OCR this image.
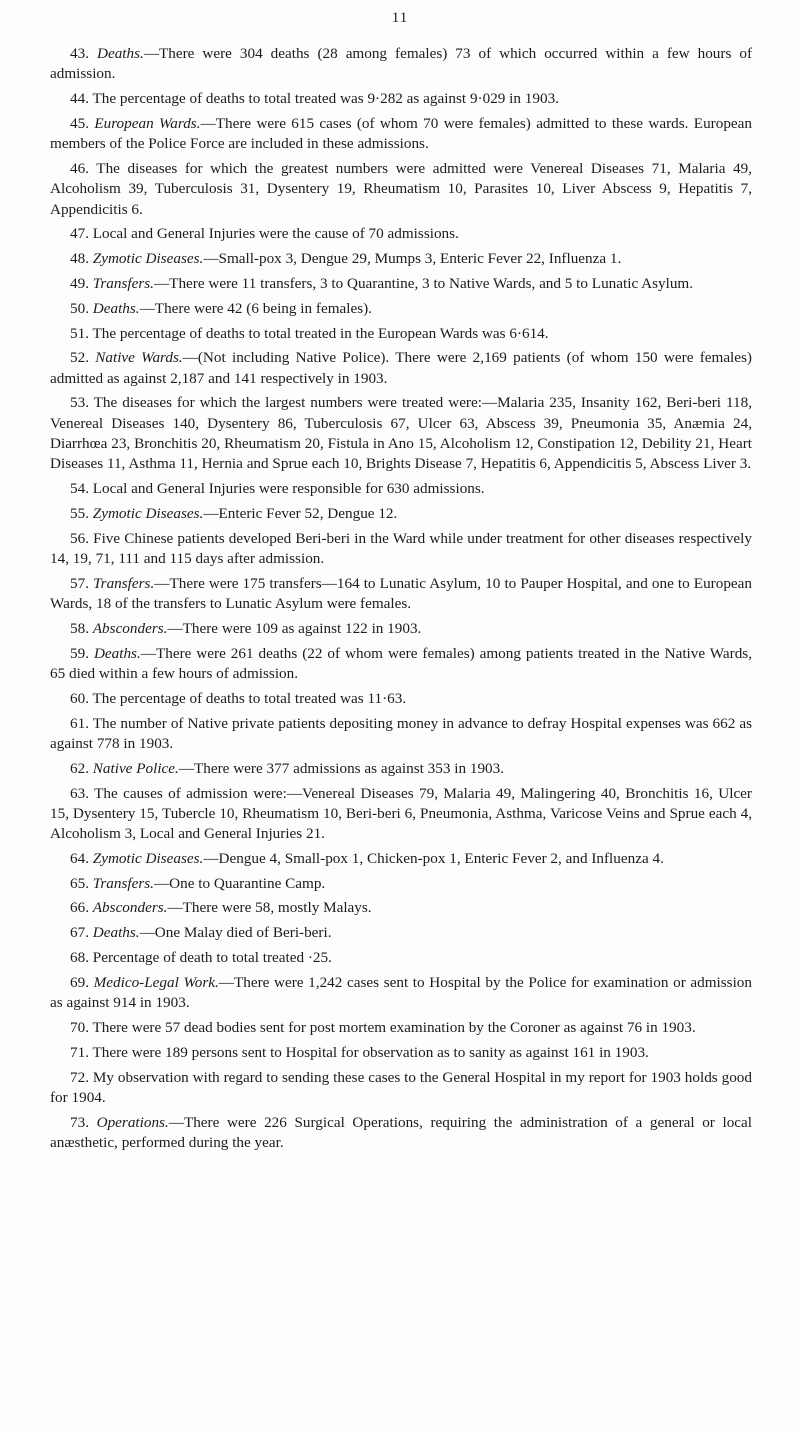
11

43. Deaths.—There were 304 deaths (28 among females) 73 of which occurred within a few hours of admission.

44. The percentage of deaths to total treated was 9·282 as against 9·029 in 1903.

45. European Wards.—There were 615 cases (of whom 70 were females) admitted to these wards. European members of the Police Force are included in these admissions.

46. The diseases for which the greatest numbers were admitted were Venereal Diseases 71, Malaria 49, Alcoholism 39, Tuberculosis 31, Dysentery 19, Rheumatism 10, Parasites 10, Liver Abscess 9, Hepatitis 7, Appendicitis 6.

47. Local and General Injuries were the cause of 70 admissions.

48. Zymotic Diseases.—Small-pox 3, Dengue 29, Mumps 3, Enteric Fever 22, Influenza 1.

49. Transfers.—There were 11 transfers, 3 to Quarantine, 3 to Native Wards, and 5 to Lunatic Asylum.

50. Deaths.—There were 42 (6 being in females).

51. The percentage of deaths to total treated in the European Wards was 6·614.

52. Native Wards.—(Not including Native Police). There were 2,169 patients (of whom 150 were females) admitted as against 2,187 and 141 respectively in 1903.

53. The diseases for which the largest numbers were treated were:—Malaria 235, Insanity 162, Beri-beri 118, Venereal Diseases 140, Dysentery 86, Tuberculosis 67, Ulcer 63, Abscess 39, Pneumonia 35, Anæmia 24, Diarrhœa 23, Bronchitis 20, Rheumatism 20, Fistula in Ano 15, Alcoholism 12, Constipation 12, Debility 21, Heart Diseases 11, Asthma 11, Hernia and Sprue each 10, Brights Disease 7, Hepatitis 6, Appendicitis 5, Abscess Liver 3.

54. Local and General Injuries were responsible for 630 admissions.

55. Zymotic Diseases.—Enteric Fever 52, Dengue 12.

56. Five Chinese patients developed Beri-beri in the Ward while under treatment for other diseases respectively 14, 19, 71, 111 and 115 days after admission.

57. Transfers.—There were 175 transfers—164 to Lunatic Asylum, 10 to Pauper Hospital, and one to European Wards, 18 of the transfers to Lunatic Asylum were females.

58. Absconders.—There were 109 as against 122 in 1903.

59. Deaths.—There were 261 deaths (22 of whom were females) among patients treated in the Native Wards, 65 died within a few hours of admission.

60. The percentage of deaths to total treated was 11·63.

61. The number of Native private patients depositing money in advance to defray Hospital expenses was 662 as against 778 in 1903.

62. Native Police.—There were 377 admissions as against 353 in 1903.

63. The causes of admission were:—Venereal Diseases 79, Malaria 49, Malingering 40, Bronchitis 16, Ulcer 15, Dysentery 15, Tubercle 10, Rheumatism 10, Beri-beri 6, Pneumonia, Asthma, Varicose Veins and Sprue each 4, Alcoholism 3, Local and General Injuries 21.

64. Zymotic Diseases.—Dengue 4, Small-pox 1, Chicken-pox 1, Enteric Fever 2, and Influenza 4.

65. Transfers.—One to Quarantine Camp.

66. Absconders.—There were 58, mostly Malays.

67. Deaths.—One Malay died of Beri-beri.

68. Percentage of death to total treated ·25.

69. Medico-Legal Work.—There were 1,242 cases sent to Hospital by the Police for examination or admission as against 914 in 1903.

70. There were 57 dead bodies sent for post mortem examination by the Coroner as against 76 in 1903.

71. There were 189 persons sent to Hospital for observation as to sanity as against 161 in 1903.

72. My observation with regard to sending these cases to the General Hospital in my report for 1903 holds good for 1904.

73. Operations.—There were 226 Surgical Operations, requiring the administration of a general or local anæsthetic, performed during the year.
